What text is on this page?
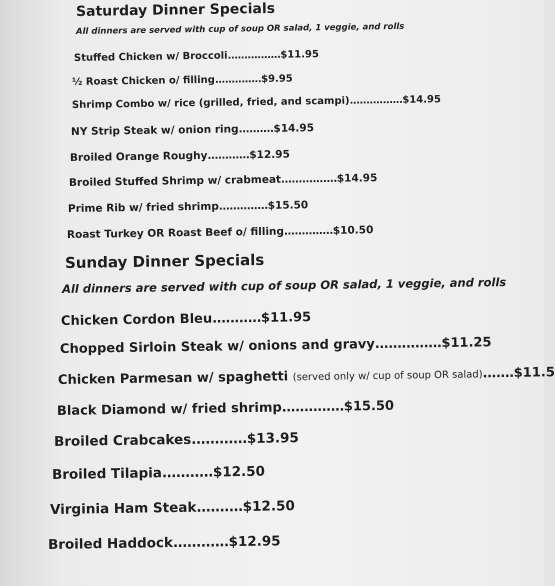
Saturday Dinner Specials
All dinners are served with cup of soup OR salad, 1 veggie, and rolls
Stuffed Chicken w/ Broccoli................$11.95
½ Roast Chicken o/ filling..............$9.95
Shrimp Combo w/ rice (grilled, fried, and scampi)................$14.95
NY Strip Steak w/ onion ring..........$14.95
Broiled Orange Roughy............$12.95
Broiled Stuffed Shrimp w/ crabmeat................$14.95
Prime Rib w/ fried shrimp..............$15.50
Roast Turkey OR Roast Beef o/ filling..............$10.50
Sunday Dinner Specials
All dinners are served with cup of soup OR salad, 1 veggie, and rolls
Chicken Cordon Bleu...........$11.95
Chopped Sirloin Steak w/ onions and gravy...............$11.25
Chicken Parmesan w/ spaghetti (served only w/ cup of soup OR salad).......$11.5
Black Diamond w/ fried shrimp..............$15.50
Broiled Crabcakes............$13.95
Broiled Tilapia...........$12.50
Virginia Ham Steak..........$12.50
Broiled Haddock............$12.95
